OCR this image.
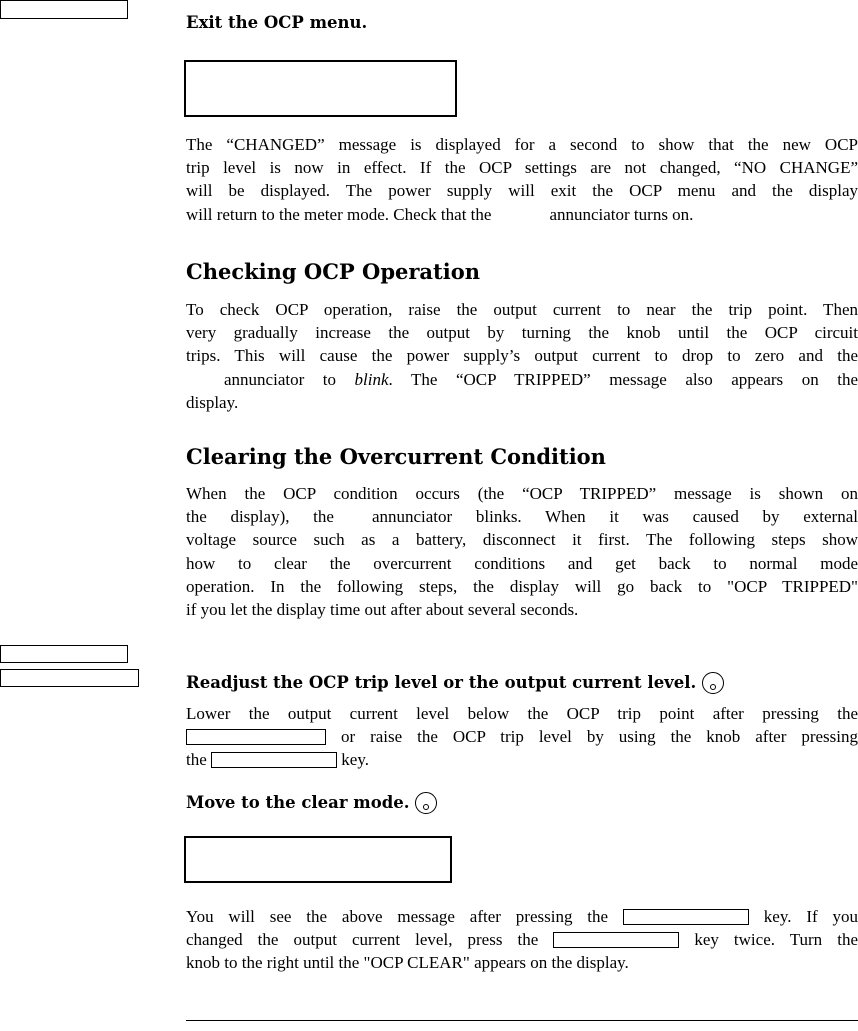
Exit the OCP menu.
The “CHANGED” message is displayed for a second to show that the new OCP
trip level is now in effect. If the OCP settings are not changed, “NO CHANGE”
will be displayed. The power supply will exit the OCP menu and the display
will return to the meter mode. Check that the	annunciator turns on.
Checking OCP Operation
To check OCP operation, raise the output current to near the trip point. Then
very gradually increase the output by turning the knob until the OCP circuit
trips. This will cause the power supply’s output current to drop to zero and the
annunciator to blink. The “OCP TRIPPED” message also appears on the
display.
Clearing the Overcurrent Condition
When the OCP condition occurs (the “OCP TRIPPED” message is shown on
the display), the annunciator blinks. When it was caused by external
voltage source such as a battery, disconnect it first. The following steps show
how to clear the overcurrent conditions and get back to normal mode
operation. In the following steps, the display will go back to "OCP TRIPPED"
if you let the display time out after about several seconds.
Readjust the OCP trip level or the output current level.
Lower the output current level below the OCP trip point after pressing the
or raise the OCP trip level by using the knob after pressing
the	key.
Move to the clear mode.
You will see the above message after pressing the	key. If you
changed the output current level, press the	key twice. Turn the
knob to the right until the "OCP CLEAR" appears on the display.
